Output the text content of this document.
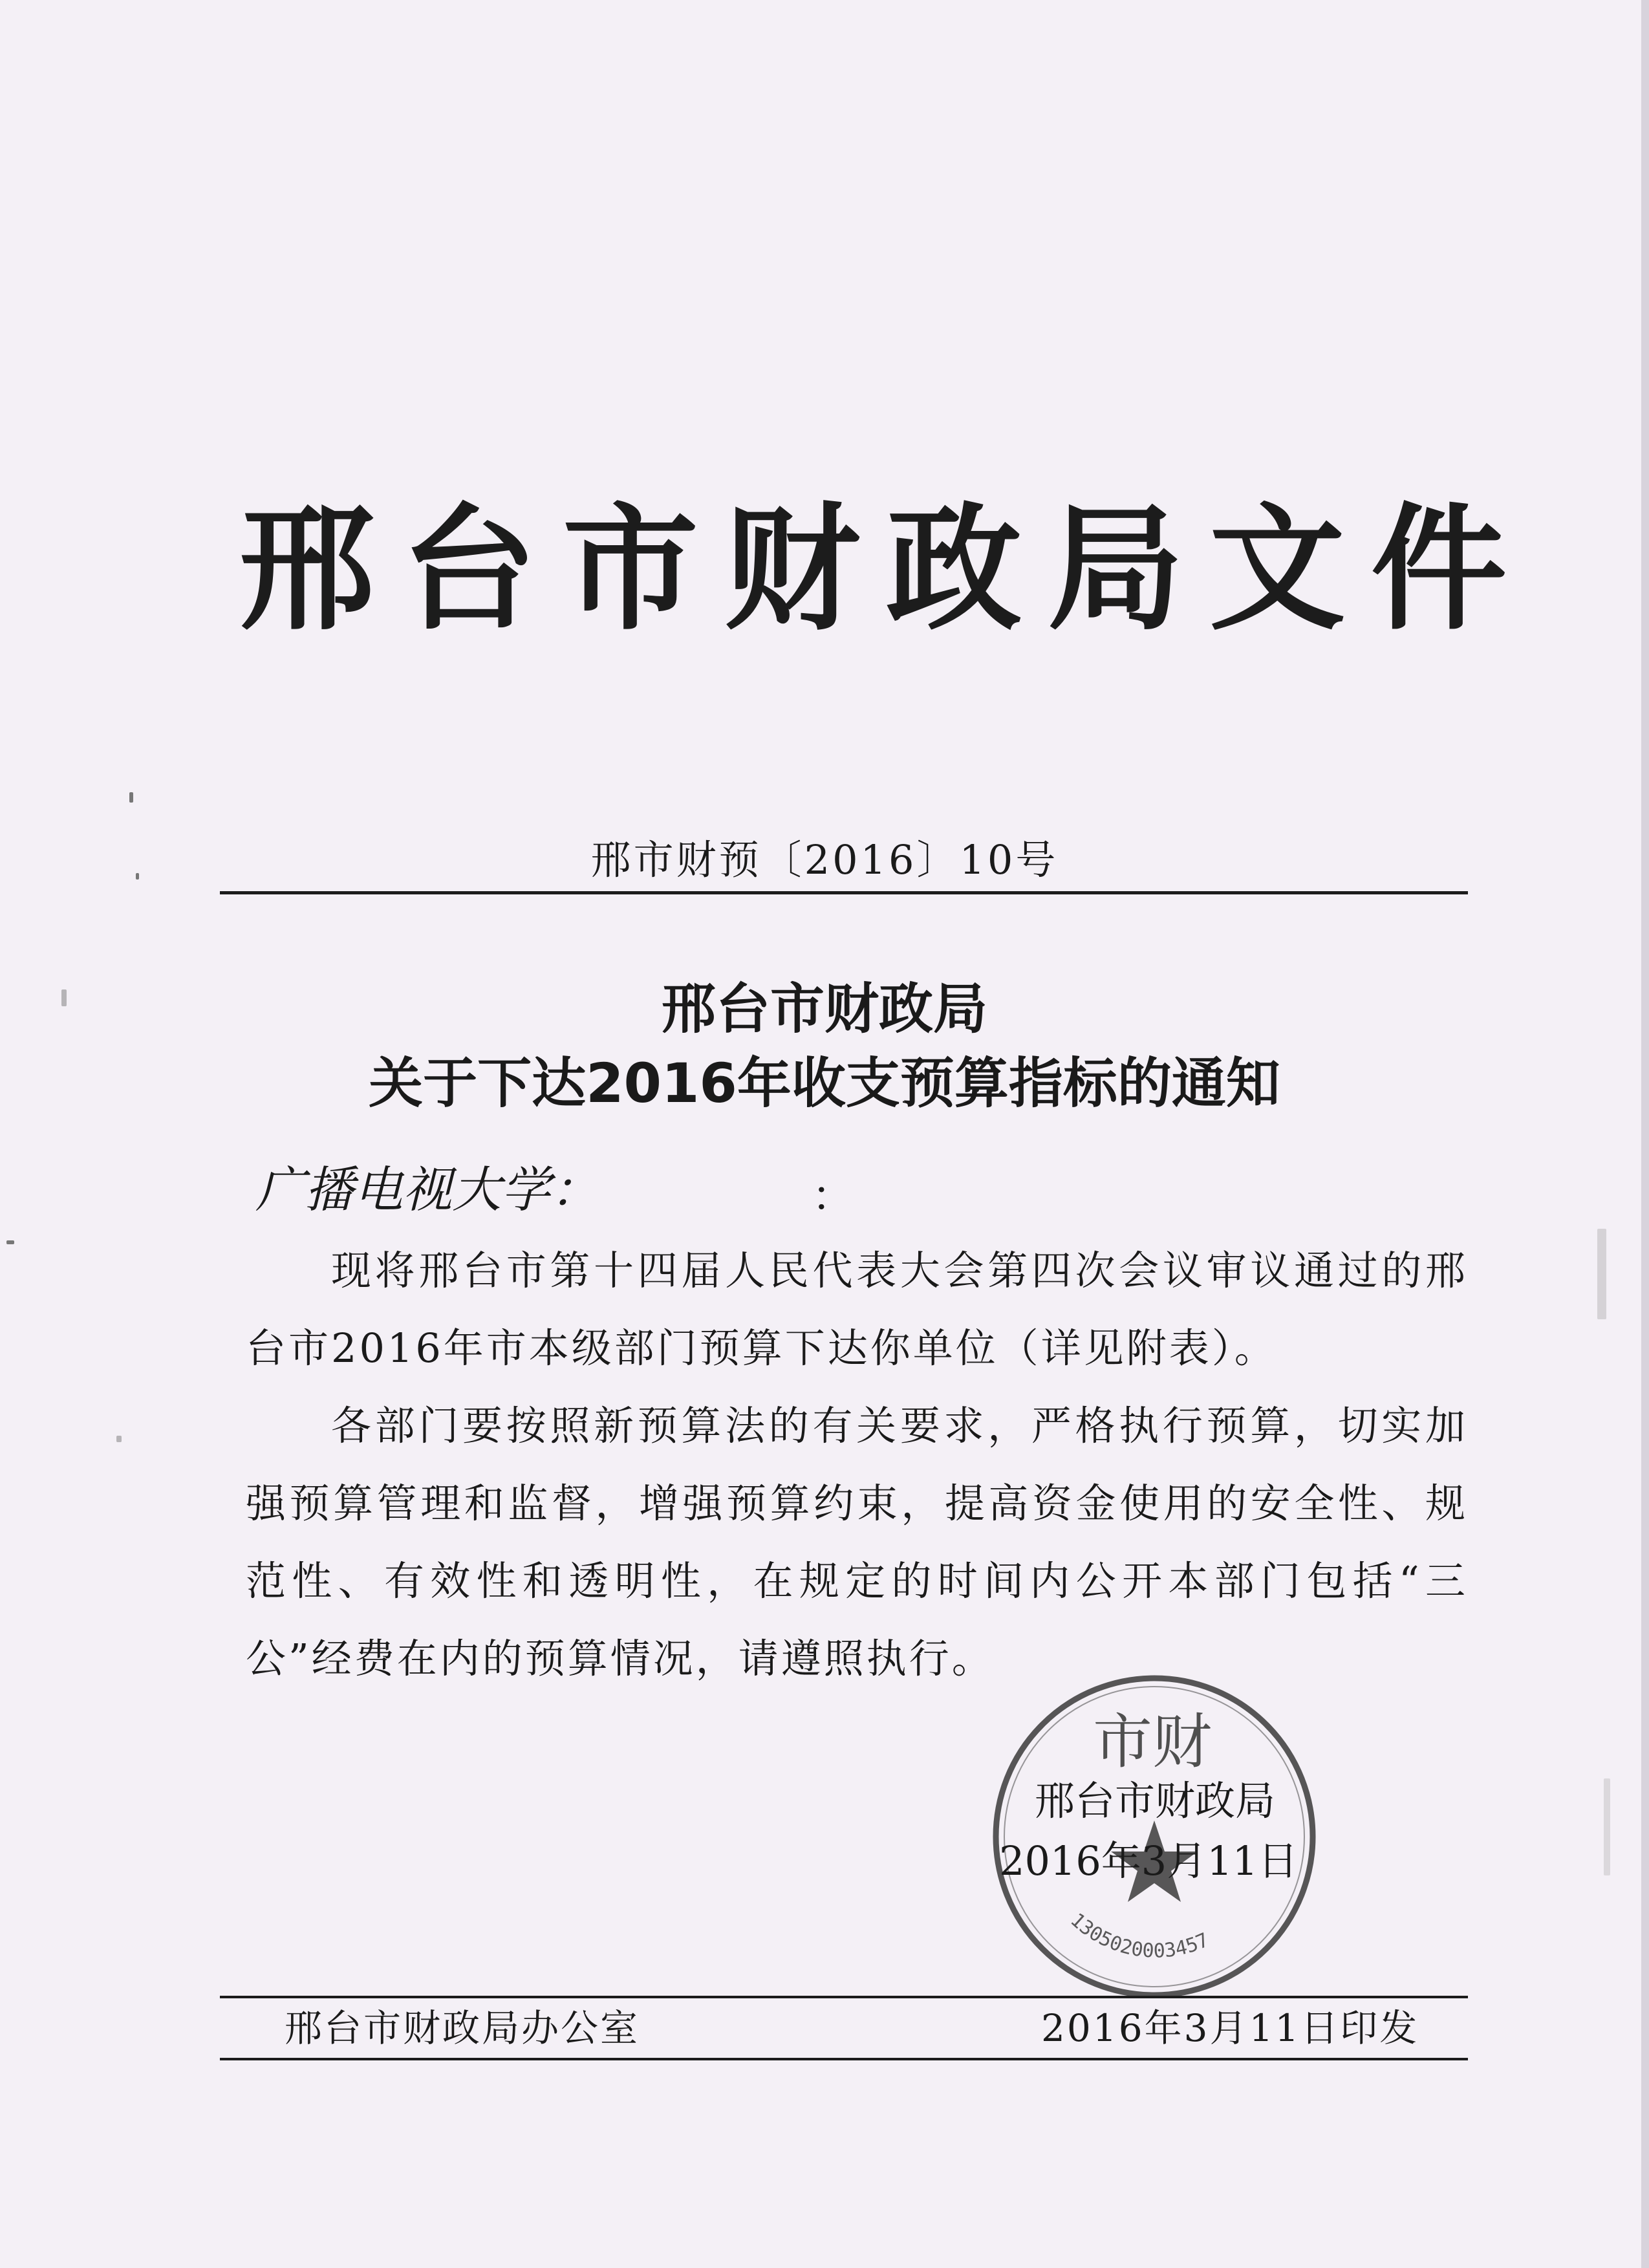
邢台市财政局文件
邢市财预〔2016〕10号
邢台市财政局
关于下达2016年收支预算指标的通知
广播电视大学：	：

现将邢台市第十四届人民代表大会第四次会议审议通过的邢台市2016年市本级部门预算下达你单位（详见附表）。

各部门要按照新预算法的有关要求，严格执行预算，切实加强预算管理和监督，增强预算约束，提高资金使用的安全性、规范性、有效性和透明性，在规定的时间内公开本部门包括“三公”经费在内的预算情况，请遵照执行。

市财
1305020003457
邢台市财政局
2016年3月11日
邢台市财政局办公室	2016年3月11日印发
